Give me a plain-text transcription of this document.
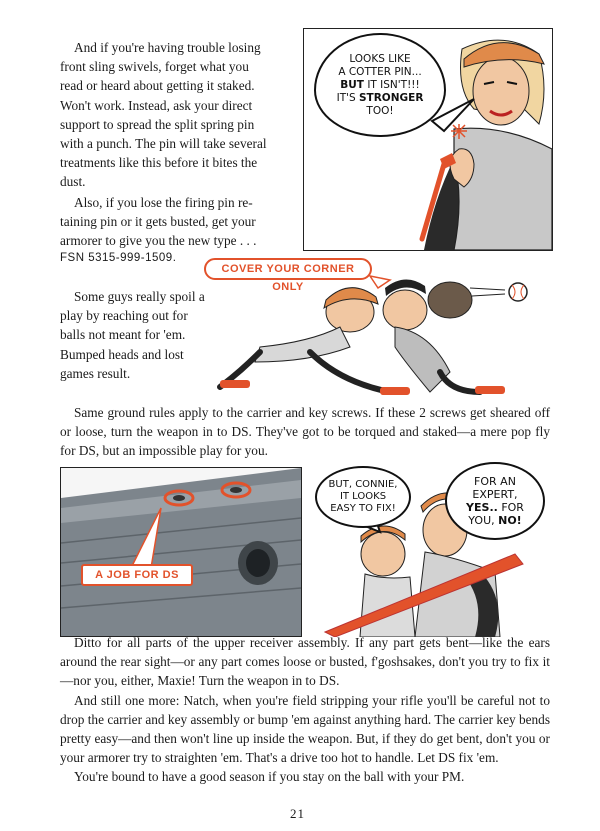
And if you're having trouble losing
front sling swivels, forget what you
read or heard about getting it staked.
Won't work. Instead, ask your direct
support to spread the split spring pin
with a punch. The pin will take several
treatments like this before it bites the
dust.
Also, if you lose the firing pin re-
taining pin or it gets busted, get your
armorer to give you the new type . . .
FSN 5315-999-1509.
LOOKS LIKE
A COTTER PIN...
BUT IT ISN'T!!!
IT'S STRONGER
TOO!
COVER YOUR CORNER ONLY
Some guys really spoil a
play by reaching out for
balls not meant for 'em.
Bumped heads and lost
games result.

Same ground rules apply to the carrier and key screws. If these 2 screws get sheared off or loose, turn the weapon in to DS. They've got to be torqued and staked—a mere pop fly for DS, but an impossible play for you.

A JOB FOR DS
BUT, CONNIE,
IT LOOKS
EASY TO FIX!
FOR AN
EXPERT,
YES.. FOR
YOU, NO!

Ditto for all parts of the upper receiver assembly. If any part gets bent—like the ears around the rear sight—or any part comes loose or busted, f'goshsakes, don't you try to fix it—nor you, either, Maxie! Turn the weapon in to DS.

And still one more: Natch, when you're field stripping your rifle you'll be careful not to drop the carrier and key assembly or bump 'em against anything hard. The carrier key bends pretty easy—and then won't line up inside the weapon. But, if they do get bent, don't you or your armorer try to straighten 'em. That's a drive too hot to handle. Let DS fix 'em.

You're bound to have a good season if you stay on the ball with your PM.

21
